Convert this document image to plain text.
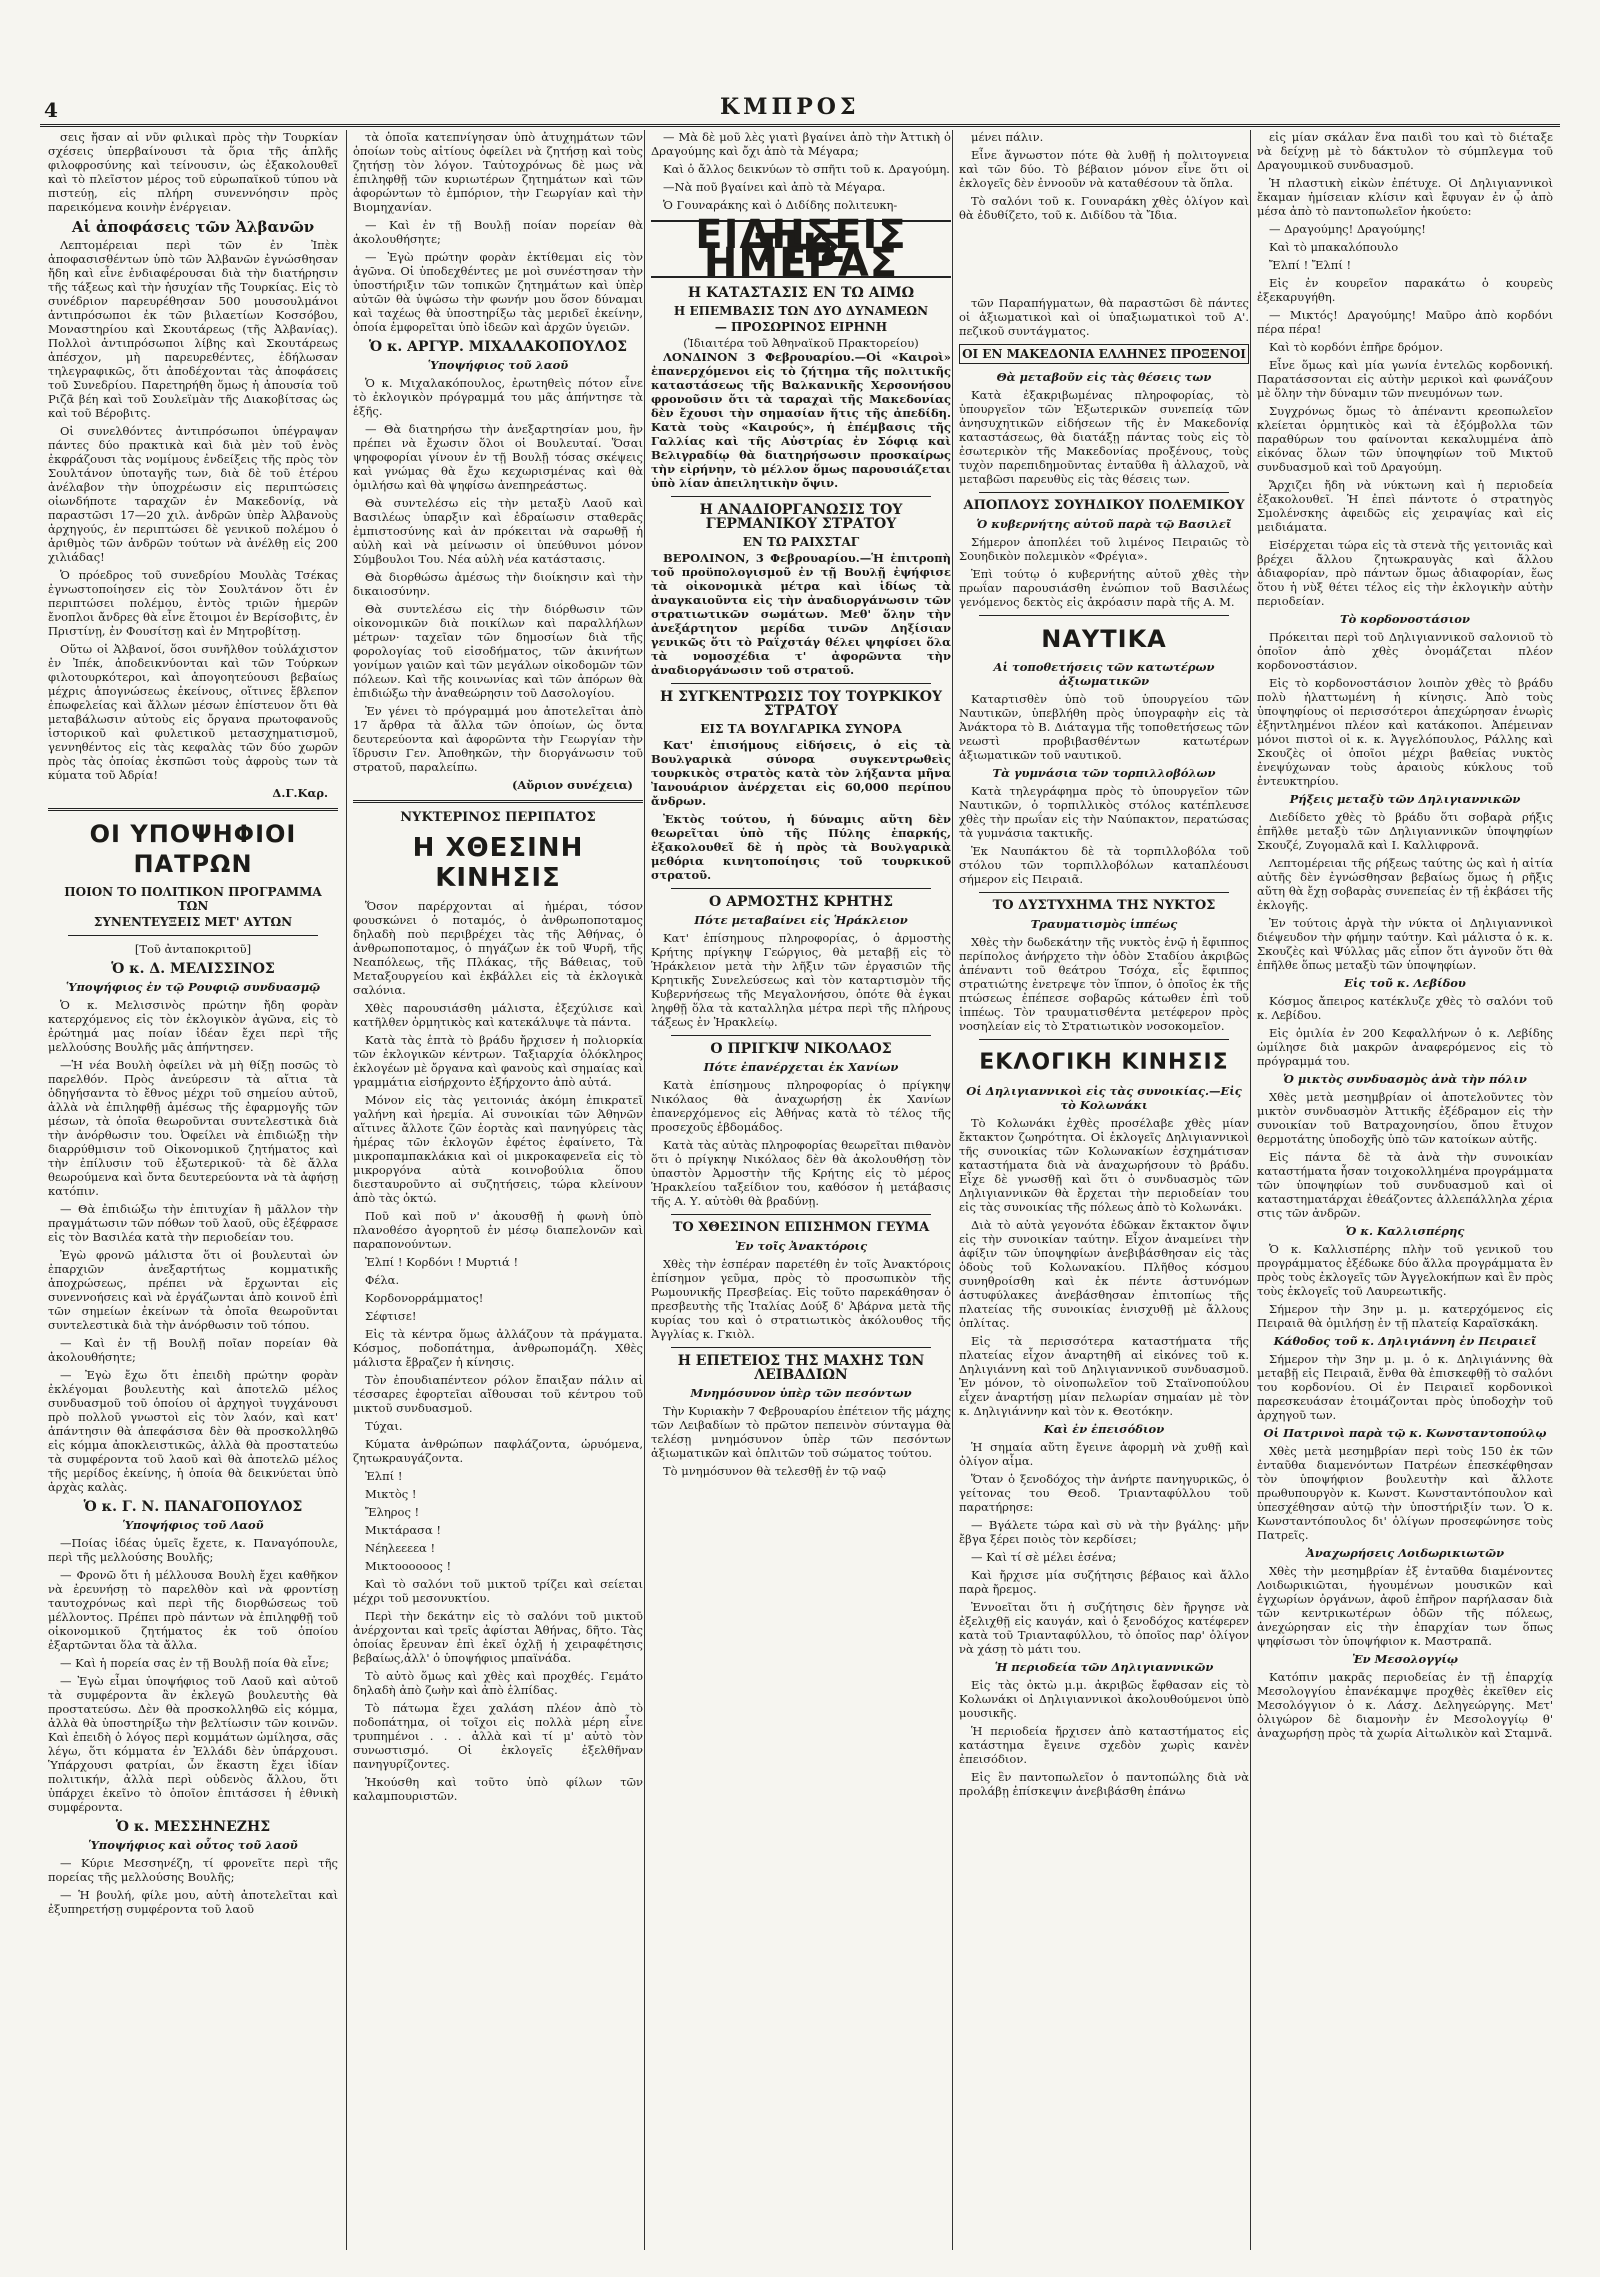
4	ΚΜΠΡΟΣ

σεις ἤσαν αἱ νῦν φιλικαὶ πρὸς τὴν Τουρκίαν σχέσεις ὑπερβαίνουσι τὰ ὅρια τῆς ἁπλῆς φιλοφροσύνης καὶ τείνουσιν, ὡς ἐξακολουθεῖ καὶ τὸ πλεῖστον μέρος τοῦ εὐρωπαϊκοῦ τύπου νὰ πιστεύῃ, εἰς πλήρη συνεννόησιν πρὸς παρεικόμενα κοινὴν ἐνέργειαν.

Αἱ ἀποφάσεις τῶν Ἀλβανῶν

Λεπτομέρειαι περὶ τῶν ἐν Ἰπὲκ ἀποφασισθέντων ὑπὸ τῶν Ἀλβανῶν ἐγνώσθησαν ἤδη καὶ εἶνε ἐνδιαφέρουσαι διὰ τὴν διατήρησιν τῆς τάξεως καὶ τὴν ἡσυχίαν τῆς Τουρκίας. Εἰς τὸ συνέδριον παρευρέθησαν 500 μουσουλμάνοι ἀντιπρόσωποι ἐκ τῶν βιλαετίων Κοσσόβου, Μοναστηρίου καὶ Σκουτάρεως (τῆς Ἀλβανίας). Πολλοὶ ἀντιπρόσωποι λίβης καὶ Σκουτάρεως ἀπέσχον, μὴ παρευρεθέντες, ἐδήλωσαν τηλεγραφικῶς, ὅτι ἀποδέχονται τὰς ἀποφάσεις τοῦ Συνεδρίου. Παρετηρήθη ὅμως ἡ ἀπουσία τοῦ Ριζᾶ βέη καὶ τοῦ Σουλεϊμὰν τῆς Διακοβίτσας ὡς καὶ τοῦ Βέροβιτς.

Οἱ συνελθόντες ἀντιπρόσωποι ὑπέγραψαν πάντες δύο πρακτικὰ καὶ διὰ μὲν τοῦ ἑνὸς ἐκφράζουσι τὰς νομίμους ἐνδείξεις τῆς πρὸς τὸν Σουλτάνον ὑποταγῆς των, διὰ δὲ τοῦ ἑτέρου ἀνέλαβον τὴν ὑποχρέωσιν εἰς περιπτώσεις οἱωνδήποτε ταραχῶν ἐν Μακεδονίᾳ, νὰ παραστῶσι 17—20 χιλ. ἀνδρῶν ὑπὲρ Ἀλβανοὺς ἀρχηγούς, ἐν περιπτώσει δὲ γενικοῦ πολέμου ὁ ἀριθμὸς τῶν ἀνδρῶν τούτων νὰ ἀνέλθῃ εἰς 200 χιλιάδας!

Ὁ πρόεδρος τοῦ συνεδρίου Μουλὰς Τσέκας ἐγνωστοποίησεν εἰς τὸν Σουλτάνον ὅτι ἐν περιπτώσει πολέμου, ἐντὸς τριῶν ἡμερῶν ἔνοπλοι ἄνδρες θὰ εἶνε ἕτοιμοι ἐν Βερίσοβιτς, ἐν Πριστίνῃ, ἐν Φουσίτσῃ καὶ ἐν Μητροβίτσῃ.

Οὕτω οἱ Ἀλβανοί, ὅσοι συνῆλθον τοὐλάχιστον ἐν Ἰπέκ, ἀποδεικνύονται καὶ τῶν Τούρκων φιλοτουρκότεροι, καὶ ἀπογοητεύουσι βεβαίως μέχρις ἀπογνώσεως ἐκείνους, οἵτινες ἔβλεπον ἐπωφελείας καὶ ἄλλων μέσων ἐπίστευον ὅτι θὰ μεταβάλωσιν αὐτοὺς εἰς ὄργανα πρωτοφανοῦς ἱστορικοῦ καὶ φυλετικοῦ μετασχηματισμοῦ, γεννηθέντος εἰς τὰς κεφαλὰς τῶν δύο χωρῶν πρὸς τὰς ὁποίας ἐκσπῶσι τοὺς ἀφροὺς των τὰ κύματα τοῦ Ἀδρία!

Δ.Γ.Καρ.
ΟΙ ΥΠΟΨΗΦΙΟΙ ΠΑΤΡΩΝ
ΠΟΙΟΝ ΤΟ ΠΟΛΙΤΙΚΟΝ ΠΡΟΓΡΑΜΜΑ ΤΩΝ
ΣΥΝΕΝΤΕΥΞΕΙΣ ΜΕΤ' ΑΥΤΩΝ
[Τοῦ ἀνταποκριτοῦ]
Ὁ κ. Δ. ΜΕΛΙΣΣΙΝΟΣ
Ὑποψήφιος ἐν τῷ Ρουφιῷ συνδυασμῷ

Ὁ κ. Μελισσινὸς πρώτην ἤδη φορὰν κατερχόμενος εἰς τὸν ἐκλογικὸν ἀγῶνα, εἰς τὸ ἐρώτημά μας ποίαν ἰδέαν ἔχει περὶ τῆς μελλούσης Βουλῆς μᾶς ἀπήντησεν.

—Ἡ νέα Βουλὴ ὀφείλει νὰ μὴ θίξῃ ποσῶς τὸ παρελθόν. Πρὸς ἀνεύρεσιν τὰ αἴτια τὰ ὁδηγήσαντα τὸ ἔθνος μέχρι τοῦ σημείου αὐτοῦ, ἀλλὰ νὰ ἐπιληφθῇ ἀμέσως τῆς ἐφαρμογῆς τῶν μέσων, τὰ ὁποῖα θεωροῦνται συντελεστικὰ διὰ τὴν ἀνόρθωσιν του. Ὀφείλει νὰ ἐπιδιώξῃ τὴν διαρρύθμισιν τοῦ Οἰκονομικοῦ ζητήματος καὶ τὴν ἐπίλυσιν τοῦ ἐξωτερικοῦ· τὰ δὲ ἄλλα θεωρούμενα καὶ ὄντα δευτερεύοντα νὰ τὰ ἀφήσῃ κατόπιν.

— Θὰ ἐπιδιώξω τὴν ἐπιτυχίαν ἢ μᾶλλον τὴν πραγμάτωσιν τῶν πόθων τοῦ λαοῦ, οὓς ἐξέφρασε εἰς τὸν Βασιλέα κατὰ τὴν περιοδείαν του.

Ἐγὼ φρονῶ μάλιστα ὅτι οἱ βουλευταὶ ὡν ἐπαρχιῶν ἀνεξαρτήτως κομματικῆς ἀποχρώσεως, πρέπει νὰ ἔρχωνται εἰς συνεννοήσεις καὶ νὰ ἐργάζωνται ἀπὸ κοινοῦ ἐπὶ τῶν σημείων ἐκείνων τὰ ὁποῖα θεωροῦνται συντελεστικὰ διὰ τὴν ἀνόρθωσιν τοῦ τόπου.

— Καὶ ἐν τῇ Βουλῇ ποῖαν πορείαν θὰ ἀκολουθήσητε;

— Ἐγὼ ἔχω ὅτι ἐπειδὴ πρώτην φορὰν ἐκλέγομαι βουλευτὴς καὶ ἀποτελῶ μέλος συνδυασμοῦ τοῦ ὁποίου οἱ ἀρχηγοὶ τυγχάνουσι πρὸ πολλοῦ γνωστοὶ εἰς τὸν λαόν, καὶ κατ' ἀπάντησιν θὰ ἀπεφάσισα δὲν θὰ προσκολληθῶ εἰς κόμμα ἀποκλειστικῶς, ἀλλὰ θὰ προστατεύω τὰ συμφέροντα τοῦ λαοῦ καὶ θὰ ἀποτελῶ μέλος τῆς μερίδος ἐκείνης, ἡ ὁποία θὰ δεικνύεται ὑπὸ ἀρχὰς καλὰς.

Ὁ κ. Γ. Ν. ΠΑΝΑΓΟΠΟΥΛΟΣ
Ὑποψήφιος τοῦ Λαοῦ

—Ποίας ἰδέας ὑμεῖς ἔχετε, κ. Παναγόπουλε, περὶ τῆς μελλούσης Βουλῆς;

— Φρονῶ ὅτι ἡ μέλλουσα Βουλὴ ἔχει καθῆκον νὰ ἐρευνήσῃ τὸ παρελθὸν καὶ νὰ φροντίσῃ ταυτοχρόνως καὶ περὶ τῆς διορθώσεως τοῦ μέλλοντος. Πρέπει πρὸ πάντων νὰ ἐπιληφθῇ τοῦ οἰκονομικοῦ ζητήματος ἐκ τοῦ ὁποίου ἐξαρτῶνται ὅλα τὰ ἄλλα.

— Καὶ ἡ πορεία σας ἐν τῇ Βουλῇ ποία θὰ εἶνε;

— Ἐγὼ εἶμαι ὑποψήφιος τοῦ Λαοῦ καὶ αὐτοῦ τὰ συμφέροντα ἂν ἐκλεγῶ βουλευτὴς θὰ προστατεύσω. Δὲν θὰ προσκολληθῶ εἰς κόμμα, ἀλλὰ θὰ ὑποστηρίξω τὴν βελτίωσιν τῶν κοινῶν. Καὶ ἐπειδὴ ὁ λόγος περὶ κομμάτων ὡμίλησα, σᾶς λέγω, ὅτι κόμματα ἐν Ἑλλάδι δὲν ὑπάρχουσι. Ὑπάρχουσι φατρίαι, ὧν ἕκαστη ἔχει ἰδίαν πολιτικήν, ἀλλὰ περὶ οὐδενὸς ἄλλου, ὅτι ὑπάρχει ἐκεῖνο τὸ ὁποῖον ἐπιτάσσει ἡ ἐθνικὴ συμφέροντα.

Ὁ κ. ΜΕΣΣΗΝΕΖΗΣ
Ὑποψήφιος καὶ οὗτος τοῦ λαοῦ

— Κύριε Μεσσηνέζη, τί φρονεῖτε περὶ τῆς πορείας τῆς μελλούσης Βουλῆς;

— Ἡ βουλή, φίλε μου, αὐτὴ ἀποτελεῖται καὶ ἐξυπηρετήσῃ συμφέροντα τοῦ λαοῦ

τὰ ὁποῖα κατεπνίγησαν ὑπὸ ἀτυχημάτων τῶν ὁποίων τοὺς αἰτίους ὀφείλει νὰ ζητήσῃ καὶ τοὺς ζητήσῃ τὸν λόγον. Ταὐτοχρόνως δὲ μως νὰ ἐπιληφθῇ τῶν κυριωτέρων ζητημάτων καὶ τῶν ἀφορώντων τὸ ἐμπόριον, τὴν Γεωργίαν καὶ τὴν Βιομηχανίαν.

— Καὶ ἐν τῇ Βουλῇ ποίαν πορείαν θὰ ἀκολουθήσητε;

— Ἐγὼ πρώτην φορὰν ἐκτίθεμαι εἰς τὸν ἀγῶνα. Οἱ ὑποδεχθέντες με μοὶ συνέστησαν τὴν ὑποστήριξιν τῶν τοπικῶν ζητημάτων καὶ ὑπὲρ αὐτῶν θὰ ὑψώσω τὴν φωνήν μου ὅσον δύναμαι καὶ ταχέως θὰ ὑποστηρίξω τὰς μεριδεῖ ἐκείνην, ὁποία ἐμφορεῖται ὑπὸ ἰδεῶν καὶ ἀρχῶν ὑγειῶν.

Ὁ κ. ΑΡΓΥΡ. ΜΙΧΑΛΑΚΟΠΟΥΛΟΣ
Ὑποψήφιος τοῦ λαοῦ

Ὁ κ. Μιχαλακόπουλος, ἐρωτηθεὶς πότον εἶνε τὸ ἐκλογικὸν πρόγραμμά του μᾶς ἀπήντησε τὰ ἑξῆς.

— Θὰ διατηρήσω τὴν ἀνεξαρτησίαν μου, ἣν πρέπει νὰ ἔχωσιν ὅλοι οἱ Βουλευταί. Ὅσαι ψηφοφορίαι γίνουν ἐν τῇ Βουλῇ τόσας σκέψεις καὶ γνώμας θὰ ἔχω κεχωρισμένας καὶ θὰ ὁμιλήσω καὶ θὰ ψηφίσω ἀνεπηρεάστως.

Θὰ συντελέσω εἰς τὴν μεταξὺ Λαοῦ καὶ Βασιλέως ὑπαρξιν καὶ ἑδραίωσιν σταθερᾶς ἐμπιστοσύνης καὶ ἀν πρόκειται νὰ σαρωθῇ ἡ αὐλὴ καὶ νὰ μείνωσιν οἱ ὑπεύθυνοι μόνον Σύμβουλοι Του. Νέα αὐλὴ νέα κατάστασις.

Θὰ διορθώσω ἀμέσως τὴν διοίκησιν καὶ τὴν δικαιοσύνην.

Θὰ συντελέσω εἰς τὴν διόρθωσιν τῶν οἰκονομικῶν διὰ ποικίλων καὶ παραλλήλων μέτρων· ταχεῖαν τῶν δημοσίων διὰ τῆς φορολογίας τοῦ εἰσοδήματος, τῶν ἀκινήτων γονίμων γαιῶν καὶ τῶν μεγάλων οἰκοδομῶν τῶν πόλεων. Καὶ τῆς κοινωνίας καὶ τῶν ἀπόρων θὰ ἐπιδιώξω τὴν ἀναθεώρησιν τοῦ Δασολογίου.

Ἐν γένει τὸ πρόγραμμά μου ἀποτελεῖται ἀπὸ 17 ἄρθρα τὰ ἄλλα τῶν ὁποίων, ὡς ὄντα δευτερεύοντα καὶ ἀφορῶντα τὴν Γεωργίαν τὴν ἵδρυσιν Γεν. Ἀποθηκῶν, τὴν διοργάνωσιν τοῦ στρατοῦ, παραλείπω.

(Αὔριον συνέχεια)
ΝΥΚΤΕΡΙΝΟΣ ΠΕΡΙΠΑΤΟΣ
Η ΧΘΕΣΙΝΗ ΚΙΝΗΣΙΣ

Ὅσον παρέρχονται αἱ ἡμέραι, τόσον φουσκώνει ὁ ποταμός, ὁ ἀνθρωποποταμος δηλαδὴ ποὺ περιβρέχει τὰς τῆς Ἀθήνας, ὁ ἀνθρωποποταμος, ὁ πηγάζων ἐκ τοῦ Ψυρῆ, τῆς Νεαπόλεως, τῆς Πλάκας, τῆς Βάθειας, τοῦ Μεταξουργείου καὶ ἐκβάλλει εἰς τὰ ἐκλογικὰ σαλόνια.

Χθὲς παρουσιάσθη μάλιστα, ἐξεχύλισε καὶ κατῆλθεν ὁρμητικὸς καὶ κατεκάλυψε τὰ πάντα.

Κατὰ τὰς ἑπτὰ τὸ βράδυ ἤρχισεν ἡ πολιορκία τῶν ἐκλογικῶν κέντρων. Ταξιαρχία ὁλόκληρος ἐκλογέων μὲ ὄργανα καὶ φανοὺς καὶ σημαίας καὶ γραμμάτια εἰσήρχοντο ἐξήρχοντο ἀπὸ αὐτά.

Μόνον εἰς τὰς γειτονιάς ἀκόμη ἐπικρατεῖ γαλήνη καὶ ἠρεμία. Αἱ συνοικίαι τῶν Ἀθηνῶν αἵτινες ἄλλοτε ζῶν ἑορτὰς καὶ πανηγύρεις τὰς ἡμέρας τῶν ἐκλογῶν ἐφέτος ἐφαίνετο, Τὰ μικροπαμπακλάκια καὶ οἱ μικροκαφενεῖα εἰς τὸ μικροργόνα αὐτὰ κοινοβούλια ὅπου διεσταυροῦντο αἱ συζητήσεις, τώρα κλείνουν ἀπὸ τὰς ὀκτώ.

Ποῦ καὶ ποῦ ν' ἀκουσθῇ ἡ φωνὴ ὑπὸ πλανοθέσο ἀγορητοῦ ἐν μέσῳ διαπελονῶν καὶ παραπονούντων.

Ἐλπί ! Κορδόνι ! Μυρτιά !

Φέλα.

Κορδονορράμματος!

Σέφτισε!

Εἰς τὰ κέντρα ὅμως ἀλλάζουν τὰ πράγματα. Κόσμος, ποδοπάτημα, ἀνθρωπομάζη. Χθὲς μάλιστα ἔβραζεν ἡ κίνησις.

Τὸν ἐπουδιαπέντεον ρόλον ἔπαιξαν πάλιν αἱ τέσσαρες ἐφορτεῖαι αἴθουσαι τοῦ κέντρου τοῦ μικτοῦ συνδυασμοῦ.

Τύχαι.

Κύματα ἀνθρώπων παφλάζοντα, ὠρυόμενα, ζητωκραυγάζοντα.

Ἐλπί !

Μικτὸς !

Ἔληρος !

Μικτάρασα !

Νέηλεεεεα !

Μικτοοοοοος !

Καὶ τὸ σαλόνι τοῦ μικτοῦ τρίζει καὶ σείεται μέχρι τοῦ μεσονυκτίου.

Περὶ τὴν δεκάτην εἰς τὸ σαλόνι τοῦ μικτοῦ ἀνέρχονται καὶ τρεῖς ἀφίσται Ἀθήνας, δῆτο. Τὰς ὁποίας ἔρευναν ἐπὶ ἐκεῖ ὁχλῇ ἡ χειραφέτησις βεβαίως,ἀλλ' ὁ ὑποψήφιος μπαϊνάδα.

Τὸ αὐτὸ ὅμως καὶ χθὲς καὶ προχθές. Γεμάτο δηλαδὴ ἀπὸ ζωὴν καὶ ἀπὸ ἐλπίδας.

Τὸ πάτωμα ἔχει χαλάση πλέον ἀπὸ τὸ ποδοπάτημα, οἱ τοῖχοι εἰς πολλὰ μέρη εἶνε τρυπημένοι . . . ἀλλὰ καὶ τί μ' αὐτὸ τὸν συνωστισμό. Οἱ ἐκλογεῖς ἐξελθῆναν πανηγυρίζοντες.

Ἡκούσθη καὶ τοῦτο ὑπὸ φίλων τῶν καλαμπουριστῶν.

— Μὰ δὲ μοῦ λὲς γιατὶ βγαίνει ἀπὸ τὴν Ἀττικὴ ὁ Δραγούμης καὶ ὄχι ἀπὸ τὰ Μέγαρα;

Καὶ ὁ ἄλλος δεικνύων τὸ σπῆτι τοῦ κ. Δραγούμη.

—Νὰ ποῦ βγαίνει καὶ ἀπὸ τὰ Μέγαρα.

Ὁ Γουναράκης καὶ ὁ Διδίδης πολιτευκη-

ΕΙΔΗΣΕΙΣ ΤΗΣ ΗΜΕΡΑΣ
Η ΚΑΤΑΣΤΑΣΙΣ ΕΝ ΤΩ ΑΙΜΩ
Η ΕΠΕΜΒΑΣΙΣ ΤΩΝ ΔΥΟ ΔΥΝΑΜΕΩΝ
— ΠΡΟΣΩΡΙΝΟΣ ΕΙΡΗΝΗ
(Ἰδιαιτέρα τοῦ Ἀθηναϊκοῦ Πρακτορείου)

ΛΟΝΔΙΝΟΝ 3 Φεβρουαρίου.—Οἱ «Καιροὶ» ἐπανερχόμενοι εἰς τὸ ζήτημα τῆς πολιτικῆς καταστάσεως τῆς Βαλκανικῆς Χερσονήσου φρονοῦσιν ὅτι τὰ ταραχαὶ τῆς Μακεδονίας δὲν ἔχουσι τὴν σημασίαν ἥτις τῆς ἀπεδίδη. Κατὰ τοὺς «Καιρούς», ἡ ἐπέμβασις τῆς Γαλλίας καὶ τῆς Αὐστρίας ἐν Σόφιᾳ καὶ Βελιγραδίῳ θὰ διατηρήσωσιν προσκαίρως τὴν εἰρήνην, τὸ μέλλον ὅμως παρουσιάζεται ὑπὸ λίαν ἀπειλητικὴν ὄψιν.

Η ΑΝΑΔΙΟΡΓΑΝΩΣΙΣ ΤΟΥ ΓΕΡΜΑΝΙΚΟΥ ΣΤΡΑΤΟΥ
ΕΝ ΤΩ ΡΑΙΧΣΤΑΓ

ΒΕΡΟΛΙΝΟΝ, 3 Φεβρουαρίου.—Ἡ ἐπιτροπὴ τοῦ προϋπολογισμοῦ ἐν τῇ Βουλῇ ἐψήφισε τὰ οἰκονομικὰ μέτρα καὶ ἰδίως τὰ ἀναγκαιοῦντα εἰς τὴν ἀναδιοργάνωσιν τῶν στρατιωτικῶν σωμάτων. Μεθ' ὅλην τὴν ἀνεξάρτητον μερίδα τινῶν Δηξίσιαν γενικῶς ὅτι τὸ Ραΐχστάγ θέλει ψηφίσει ὅλα τὰ νομοσχέδια τ' ἀφορῶντα τὴν ἀναδιοργάνωσιν τοῦ στρατοῦ.

Η ΣΥΓΚΕΝΤΡΩΣΙΣ ΤΟΥ ΤΟΥΡΚΙΚΟΥ ΣΤΡΑΤΟΥ
ΕΙΣ ΤΑ ΒΟΥΛΓΑΡΙΚΑ ΣΥΝΟΡΑ

Κατ' ἐπισήμους εἰδήσεις, ὁ εἰς τὰ Βουλγαρικὰ σύνορα συγκεντρωθεὶς τουρκικὸς στρατὸς κατὰ τὸν λήξαντα μῆνα Ἰανουάριον ἀνέρχεται εἰς 60,000 περίπου ἄνδρων.

Ἐκτὸς τούτου, ἡ δύναμις αὕτη δὲν θεωρεῖται ὑπὸ τῆς Πύλης ἐπαρκής, ἐξακολουθεῖ δὲ ἡ πρὸς τὰ Βουλγαρικὰ μεθόρια κινητοποίησις τοῦ τουρκικοῦ στρατοῦ.

Ο ΑΡΜΟΣΤΗΣ ΚΡΗΤΗΣ
Πότε μεταβαίνει εἰς Ἡράκλειον

Κατ' ἐπίσημους πληροφορίας, ὁ ἁρμοστὴς Κρήτης πρίγκηψ Γεώργιος, θὰ μεταβῇ εἰς τὸ Ἡράκλειον μετὰ τὴν λῆξιν τῶν ἐργασιῶν τῆς Κρητικῆς Συνελεύσεως καὶ τὸν καταρτισμὸν τῆς Κυβερνήσεως τῆς Μεγαλονήσου, ὁπότε θὰ ἐγκαι ληφθῇ ὅλα τὰ καταλληλα μέτρα περὶ τῆς πλήρους τάξεως ἐν Ἡρακλείῳ.

Ο ΠΡΙΓΚΙΨ ΝΙΚΟΛΑΟΣ
Πότε ἐπανέρχεται ἐκ Χανίων

Κατὰ ἐπίσημους πληροφορίας ὁ πρίγκηψ Νικόλαος θὰ ἀναχωρήσῃ ἐκ Χανίων ἐπανερχόμενος εἰς Ἀθήνας κατὰ τὸ τέλος τῆς προσεχοῦς ἑβδομάδος.

Κατὰ τὰς αὐτὰς πληροφορίας θεωρεῖται πιθανὸν ὅτι ὁ πρίγκηψ Νικόλαος δὲν θὰ ἀκολουθήσῃ τὸν ὑπαστὸν Ἀρμοστὴν τῆς Κρήτης εἰς τὸ μέρος Ἡρακλείου ταξείδιον του, καθόσον ἡ μετάβασις τῆς Α. Υ. αὐτὸθι θὰ βραδύνῃ.

ΤΟ ΧΘΕΣΙΝΟΝ ΕΠΙΣΗΜΟΝ ΓΕΥΜΑ
Ἐν τοῖς Ἀνακτόροις

Χθὲς τὴν ἑσπέραν παρετέθη ἐν τοῖς Ἀνακτόροις ἐπίσημον γεῦμα, πρὸς τὸ προσωπικὸν τῆς Ρωμουνικῆς Πρεσβείας. Εἰς τοῦτο παρεκάθησαν ὁ πρεσβευτὴς τῆς Ἰταλίας Δούξ δ' Ἀβάρνα μετὰ τῆς κυρίας του καὶ ὁ στρατιωτικὸς ἀκόλουθος τῆς Ἀγγλίας κ. Γκιὸλ.

Η ΕΠΕΤΕΙΟΣ ΤΗΣ ΜΑΧΗΣ ΤΩΝ ΛΕΙΒΑΔΙΩΝ
Μνημόσυνον ὑπὲρ τῶν πεσόντων

Τὴν Κυριακὴν 7 Φεβρουαρίου ἐπέτειον τῆς μάχης τῶν Λειβαδίων τὸ πρῶτον πεπεινὸν σύνταγμα θὰ τελέσῃ μνημόσυνον ὑπὲρ τῶν πεσόντων ἀξιωματικῶν καὶ ὁπλιτῶν τοῦ σώματος τούτου.

Τὸ μνημόσυνον θὰ τελεσθῇ ἐν τῷ ναῷ

μένει πάλιν.

Εἶνε ἄγνωστον πότε θὰ λυθῇ ἡ πολιτογνεια καὶ τῶν δύο. Τὸ βέβαιον μόνον εἶνε ὅτι οἱ ἐκλογεῖς δὲν ἐννοοῦν νὰ καταθέσουν τὰ ὅπλα.

Τὸ σαλόνι τοῦ κ. Γουναράκη χθὲς ὀλίγον καὶ θὰ ἐδυθίζετο, τοῦ κ. Διδίδου τὰ Ἴδια.

τῶν Παραπήγματων, θὰ παραστῶσι δὲ πάντες οἱ ἀξιωματικοὶ καὶ οἱ ὑπαξιωματικοὶ τοῦ Α'. πεζικοῦ συντάγματος.

ΟΙ ΕΝ ΜΑΚΕΔΟΝΙΑ ΕΛΛΗΝΕΣ ΠΡΟΞΕΝΟΙ
Θὰ μεταβοῦν εἰς τὰς θέσεις των

Κατὰ ἐξακριβωμένας πληροφορίας, τὸ ὑπουργεῖον τῶν Ἐξωτερικῶν συνεπείᾳ τῶν ἀνησυχητικῶν εἰδήσεων τῆς ἐν Μακεδονίᾳ καταστάσεως, θὰ διατάξῃ πάντας τοὺς εἰς τὸ ἐσωτερικὸν τῆς Μακεδονίας προξένους, τοὺς τυχὸν παρεπιδημοῦντας ἐνταῦθα ἢ ἀλλαχοῦ, νὰ μεταβῶσι παρευθὺς εἰς τὰς θέσεις των.

ΑΠΟΠΛΟΥΣ ΣΟΥΗΔΙΚΟΥ ΠΟΛΕΜΙΚΟΥ
Ὁ κυβερνήτης αὐτοῦ παρὰ τῷ Βασιλεῖ

Σήμερον ἀποπλέει τοῦ λιμένος Πειραιῶς τὸ Σουηδικὸν πολεμικὸν «Φρέγια».

Ἐπὶ τούτῳ ὁ κυβερνήτης αὐτοῦ χθὲς τὴν πρωΐαν παρουσιάσθη ἐνώπιον τοῦ Βασιλέως γενόμενος δεκτὸς εἰς ἀκρόασιν παρὰ τῆς Α. Μ.

ΝΑΥΤΙΚΑ
Αἱ τοποθετήσεις τῶν κατωτέρων ἀξιωματικῶν

Καταρτισθὲν ὑπὸ τοῦ ὑπουργείου τῶν Ναυτικῶν, ὑπεβλήθη πρὸς ὑπογραφὴν εἰς τὰ Ἀνάκτορα τὸ Β. Διάταγμα τῆς τοποθετήσεως τῶν νεωστὶ προβιβασθέντων κατωτέρων ἀξιωματικῶν τοῦ ναυτικοῦ.

Τὰ γυμνάσια τῶν τορπιλλοβόλων

Κατὰ τηλεγράφημα πρὸς τὸ ὑπουργεῖον τῶν Ναυτικῶν, ὁ τορπιλλικὸς στόλος κατέπλευσε χθὲς τὴν πρωΐαν εἰς τὴν Ναύπακτον, περατώσας τὰ γυμνάσια τακτικῆς.

Ἐκ Ναυπάκτου δὲ τὰ τορπιλλοβόλα τοῦ στόλου τῶν τορπιλλοβόλων καταπλέουσι σήμερον εἰς Πειραιᾶ.

ΤΟ ΔΥΣΤΥΧΗΜΑ ΤΗΣ ΝΥΚΤΟΣ
Τραυματισμὸς ἱππέως

Χθὲς τὴν δωδεκάτην τῆς νυκτὸς ἐνῷ ἡ ἔφιππος περίπολος ἀνήρχετο τὴν ὁδὸν Σταδίου ἀκριβῶς ἀπέναντι τοῦ θεάτρου Τσόχα, εἷς ἔφιππος στρατιώτης ἐνετρεψε τὸν ἵππον, ὁ ὁποῖος ἐκ τῆς πτώσεως ἐπέπεσε σοβαρῶς κάτωθεν ἐπὶ τοῦ ἱππέως. Τὸν τραυματισθέντα μετέφερον πρὸς νοσηλείαν εἰς τὸ Στρατιωτικὸν νοσοκομεῖον.

ΕΚΛΟΓΙΚΗ ΚΙΝΗΣΙΣ
Οἱ Δηλιγιαννικοὶ εἰς τὰς συνοικίας.—Εἰς τὸ Κολωνάκι

Τὸ Κολωνάκι ἐχθὲς προσέλαβε χθὲς μίαν ἔκτακτον ζωηρότητα. Οἱ ἐκλογεῖς Δηλιγιαννικοὶ τῆς συνοικίας τῶν Κολωνακίων ἐσχημάτισαν καταστήματα διὰ νὰ ἀναχωρήσουν τὸ βράδυ. Εἶχε δὲ γνωσθῇ καὶ ὅτι ὁ συνδυασμὸς τῶν Δηλιγιαννικῶν θὰ ἔρχεται τὴν περιοδείαν του εἰς τὰς συνοικίας τῆς πόλεως ἀπὸ τὸ Κολωνάκι.

Διὰ τὸ αὐτὰ γεγονότα ἐδῶκαν ἔκτακτον ὄψιν εἰς τὴν συνοικίαν ταύτην. Εἶχον ἀναμείνει τὴν ἀφίξιν τῶν ὑποψηφίων ἀνεβιβάσθησαν εἰς τὰς ὁδοὺς τοῦ Κολωνακίου. Πλῆθος κόσμου συνηθροίσθη καὶ ἐκ πέντε ἀστυνόμων ἀστυφύλακες ἀνεβάσθησαν ἐπιτοπίως τῆς πλατείας τῆς συνοικίας ἐνισχυθῇ μὲ ἄλλους ὁπλίτας.

Εἰς τὰ περισσότερα καταστήματα τῆς πλατείας εἶχον ἀναρτηθῆ αἱ εἰκόνες τοῦ κ. Δηλιγιάννη καὶ τοῦ Δηλιγιαννικοῦ συνδυασμοῦ. Ἐν μόνον, τὸ οἰνοπωλεῖον τοῦ Σταϊνοπούλου εἶχεν ἀναρτήσῃ μίαν πελωρίαν σημαίαν μὲ τὸν κ. Δηλιγιάννην καὶ τὸν κ. Θεοτόκην.

Καὶ ἐν ἐπεισόδιον

Ἡ σημαία αὕτη ἔγεινε ἀφορμὴ νὰ χυθῇ καὶ ὀλίγον αἷμα.

Ὅταν ὁ ξενοδόχος τὴν ἀνήρτε πανηγυρικῶς, ὁ γείτονας του Θεοδ. Τριανταφύλλου τοῦ παρατήρησε:

— Βγάλετε τώρα καὶ σὺ νὰ τὴν βγάλης· μῆν ἔβγα ξέρει ποιὸς τὸν κερδίσει;

— Καὶ τί σὲ μέλει ἐσένα;

Καὶ ἤρχισε μία συζήτησις βέβαιος καὶ ἄλλο παρὰ ἤρεμος.

Ἐννοεῖται ὅτι ἡ συζήτησις δὲν ἤργησε νὰ ἐξελιχθῇ εἰς καυγάν, καὶ ὁ ξενοδόχος κατέφερεν κατὰ τοῦ Τριανταφύλλου, τὸ ὁποῖος παρ' ὀλίγον νὰ χάσῃ τὸ μάτι του.

Ἡ περιοδεία τῶν Δηλιγιαννικῶν

Εἰς τὰς ὀκτὼ μ.μ. ἀκριβῶς ἔφθασαν εἰς τὸ Κολωνάκι οἱ Δηλιγιαννικοὶ ἀκολουθούμενοι ὑπὸ μουσικῆς.

Ἡ περιοδεία ἤρχισεν ἀπὸ καταστήματος εἰς κατάστημα ἔγεινε σχεδὸν χωρὶς κανὲν ἐπεισόδιον.

Εἰς ἓν παντοπωλεῖον ὁ παντοπώλης διὰ νὰ προλάβῃ ἐπίσκεψιν ἀνεβιβάσθη ἐπάνω

εἰς μίαν σκάλαν ἕνα παιδὶ του καὶ τὸ διέταξε νὰ δείχνῃ μὲ τὸ δάκτυλον τὸ σύμπλεγμα τοῦ Δραγουμικοῦ συνδυασμοῦ.

Ἡ πλαστικὴ εἰκὼν ἐπέτυχε. Οἱ Δηλιγιαννικοὶ ἔκαμαν ἡμίσειαν κλίσιν καὶ ἔφυγαν ἐν ᾧ ἀπὸ μέσα ἀπὸ τὸ παντοπωλεῖον ἠκούετο:

— Δραγούμης! Δραγούμης!

Καὶ τὸ μπακαλόπουλο

Ἔλπί ! Ἔλπί !

Εἰς ἐν κουρεῖον παρακάτω ὁ κουρεὺς ἐξεκαρυγήθη.

— Μικτός! Δραγούμης! Μαῦρο ἀπὸ κορδόνι πέρα πέρα!

Καὶ τὸ κορδόνι ἐπῆρε δρόμον.

Εἶνε ὅμως καὶ μία γωνία ἐντελῶς κορδονική. Παρατάσσονται εἰς αὐτὴν μερικοὶ καὶ φωνάζουν μὲ ὅλην τὴν δύναμιν τῶν πνευμόνων των.

Συγχρόνως ὅμως τὸ ἀπέναντι κρεοπωλεῖον κλείεται ὁρμητικὸς καὶ τὰ ἐξόμβολλα τῶν παραθύρων του φαίνονται κεκαλυμμένα ἀπὸ εἰκόνας ὅλων τῶν ὑποψηφίων τοῦ Μικτοῦ συνδυασμοῦ καὶ τοῦ Δραγούμη.

Ἄρχιζει ἤδη νὰ νύκτωνη καὶ ἡ περιοδεία ἐξακολουθεῖ. Ἡ ἐπεὶ πάντοτε ὁ στρατηγὸς Σμολένσκης ἀφειδῶς εἰς χειραψίας καὶ εἰς μειδιάματα.

Εἰσέρχεται τώρα εἰς τὰ στενὰ τῆς γειτονιᾶς καὶ βρέχει ἄλλου ζητωκραυγὰς καὶ ἄλλου ἀδιαφορίαν, πρὸ πάντων ὅμως ἀδιαφορίαν, ἕως ὅτου ἡ νὺξ θέτει τέλος εἰς τὴν ἐκλογικὴν αὐτὴν περιοδείαν.

Τὸ κορδονοστάσιον

Πρόκειται περὶ τοῦ Δηλιγιαννικοῦ σαλονιοῦ τὸ ὁποῖον ἀπὸ χθὲς ὀνομάζεται πλέον κορδονοστάσιον.

Εἰς τὸ κορδονοστάσιον λοιπὸν χθὲς τὸ βράδυ πολὺ ἠλαττωμένη ἡ κίνησις. Ἀπὸ τοὺς ὑποψηφίους οἱ περισσότεροι ἀπεχώρησαν ἐνωρὶς ἐξηντλημένοι πλέον καὶ κατάκοποι. Ἀπέμειναν μόνοι πιστοὶ οἱ κ. κ. Ἀγγελόπουλος, Ράλλης καὶ Σκουζὲς οἱ ὁποῖοι μέχρι βαθείας νυκτὸς ἐνεψύχωναν τοὺς ἀραιοὺς κύκλους τοῦ ἐντευκτηρίου.

Ρήξεις μεταξὺ τῶν Δηλιγιαννικῶν

Διεδίδετο χθὲς τὸ βράδυ ὅτι σοβαρὰ ρήξις ἐπῆλθε μεταξὺ τῶν Δηλιγιαννικῶν ὑποψηφίων Σκουζέ, Ζυγομαλᾶ καὶ Ι. Καλλιφρονᾶ.

Λεπτομέρειαι τῆς ρήξεως ταύτης ὡς καὶ ἡ αἰτία αὐτῆς δὲν ἐγνώσθησαν βεβαίως ὅμως ἡ ρῆξις αὕτη θὰ ἔχῃ σοβαρὰς συνεπείας ἐν τῇ ἐκβάσει τῆς ἐκλογῆς.

Ἐν τούτοις ἀργὰ τὴν νύκτα οἱ Δηλιγιαννικοὶ διέψευδον τὴν φήμην ταύτην. Καὶ μάλιστα ὁ κ. κ. Σκουζὲς καὶ Ψύλλας μᾶς εἶπον ὅτι ἀγνοῦν ὅτι θὰ ἐπῆλθε ὅπως μεταξὺ τῶν ὑποψηφίων.

Εἰς τοῦ κ. Λεβίδου

Κόσμος ἄπειρος κατέκλυζε χθὲς τὸ σαλόνι τοῦ κ. Λεβίδου.

Εἰς ὁμιλία ἐν 200 Κεφαλλήνων ὁ κ. Λεβίδης ὡμίλησε διὰ μακρῶν ἀναφερόμενος εἰς τὸ πρόγραμμά του.

Ὁ μικτὸς συνδυασμὸς ἀνὰ τὴν πόλιν

Χθὲς μετὰ μεσημβρίαν οἱ ἀποτελοῦντες τὸν μικτὸν συνδυασμὸν Ἀττικῆς ἐξέδραμον εἰς τὴν συνοικίαν τοῦ Βατραχονησίου, ὅπου ἔτυχον θερμοτάτης ὑποδοχῆς ὑπὸ τῶν κατοίκων αὐτῆς.

Εἰς πάντα δὲ τὰ ἀνὰ τὴν συνοικίαν καταστήματα ἦσαν τοιχοκολλημένα προγράμματα τῶν ὑποψηφίων τοῦ συνδυασμοῦ καὶ οἱ καταστηματάρχαι ἐθεάζοντες ἀλλεπάλληλα χέρια στις τῶν ἀνδρῶν.

Ὁ κ. Καλλισπέρης

Ὁ κ. Καλλισπέρης πλὴν τοῦ γενικοῦ του προγράμματος ἐξέδωκε δύο ἄλλα προγράμματα ἓν πρὸς τοὺς ἐκλογεῖς τῶν Ἀγγελοκήπων καὶ ἓν πρὸς τοὺς ἐκλογεῖς τοῦ Λαυρεωτικῆς.

Σήμερον τὴν 3ην μ. μ. κατερχόμενος εἰς Πειραιᾶ θὰ ὁμιλήσῃ ἐν τῇ πλατείᾳ Καραϊσκάκη.

Κάθοδος τοῦ κ. Δηλιγιάννη ἐν Πειραιεῖ

Σήμερον τὴν 3ην μ. μ. ὁ κ. Δηλιγιάννης θὰ μεταβῇ εἰς Πειραιᾶ, ἔνθα θὰ ἐπισκεφθῇ τὸ σαλόνι του κορδονίου. Οἱ ἐν Πειραιεῖ κορδονικοὶ παρεσκευάσαν ἑτοιμάζονται πρὸς ὑποδοχὴν τοῦ ἀρχηγοῦ των.

Οἱ Πατρινοὶ παρὰ τῷ κ. Κωνσταντοπούλῳ

Χθὲς μετὰ μεσημβρίαν περὶ τοὺς 150 ἐκ τῶν ἐνταῦθα διαμενόντων Πατρέων ἐπεσκέφθησαν τὸν ὑποψήφιον βουλευτὴν καὶ ἄλλοτε πρωθυπουργὸν κ. Κωνστ. Κωνσταντόπουλον καὶ ὑπεσχέθησαν αὐτῷ τὴν ὑποστήριξίν των. Ὁ κ. Κωνσταντόπουλος δι' ὀλίγων προσεφώνησε τοὺς Πατρεῖς.

Ἀναχωρήσεις Λοιδωρικιωτῶν

Χθὲς τὴν μεσημβρίαν ἐξ ἐνταῦθα διαμένοντες Λοιδωρικιῶται, ἠγουμένων μουσικῶν καὶ ἐγχωρίων ὀργάνων, ἀφοῦ ἐπῆρον παρήλασαν διὰ τῶν κεντρικωτέρων ὁδῶν τῆς πόλεως, ἀνεχώρησαν εἰς τὴν ἐπαρχίαν των ὅπως ψηφίσωσι τὸν ὑποψήφιον κ. Μαστραπᾶ.

Ἐν Μεσολογγίῳ

Κατόπιν μακρᾶς περιοδείας ἐν τῇ ἐπαρχίᾳ Μεσολογγίου ἐπανέκαμψε προχθὲς ἐκεῖθεν εἰς Μεσολόγγιον ὁ κ. Λάσχ. Δεληγεώργης. Μετ' ὀλιγώρον δὲ διαμονὴν ἐν Μεσολογγίῳ θ' ἀναχωρήσῃ πρὸς τὰ χωρία Αἰτωλικὸν καὶ Σταμνᾶ.
